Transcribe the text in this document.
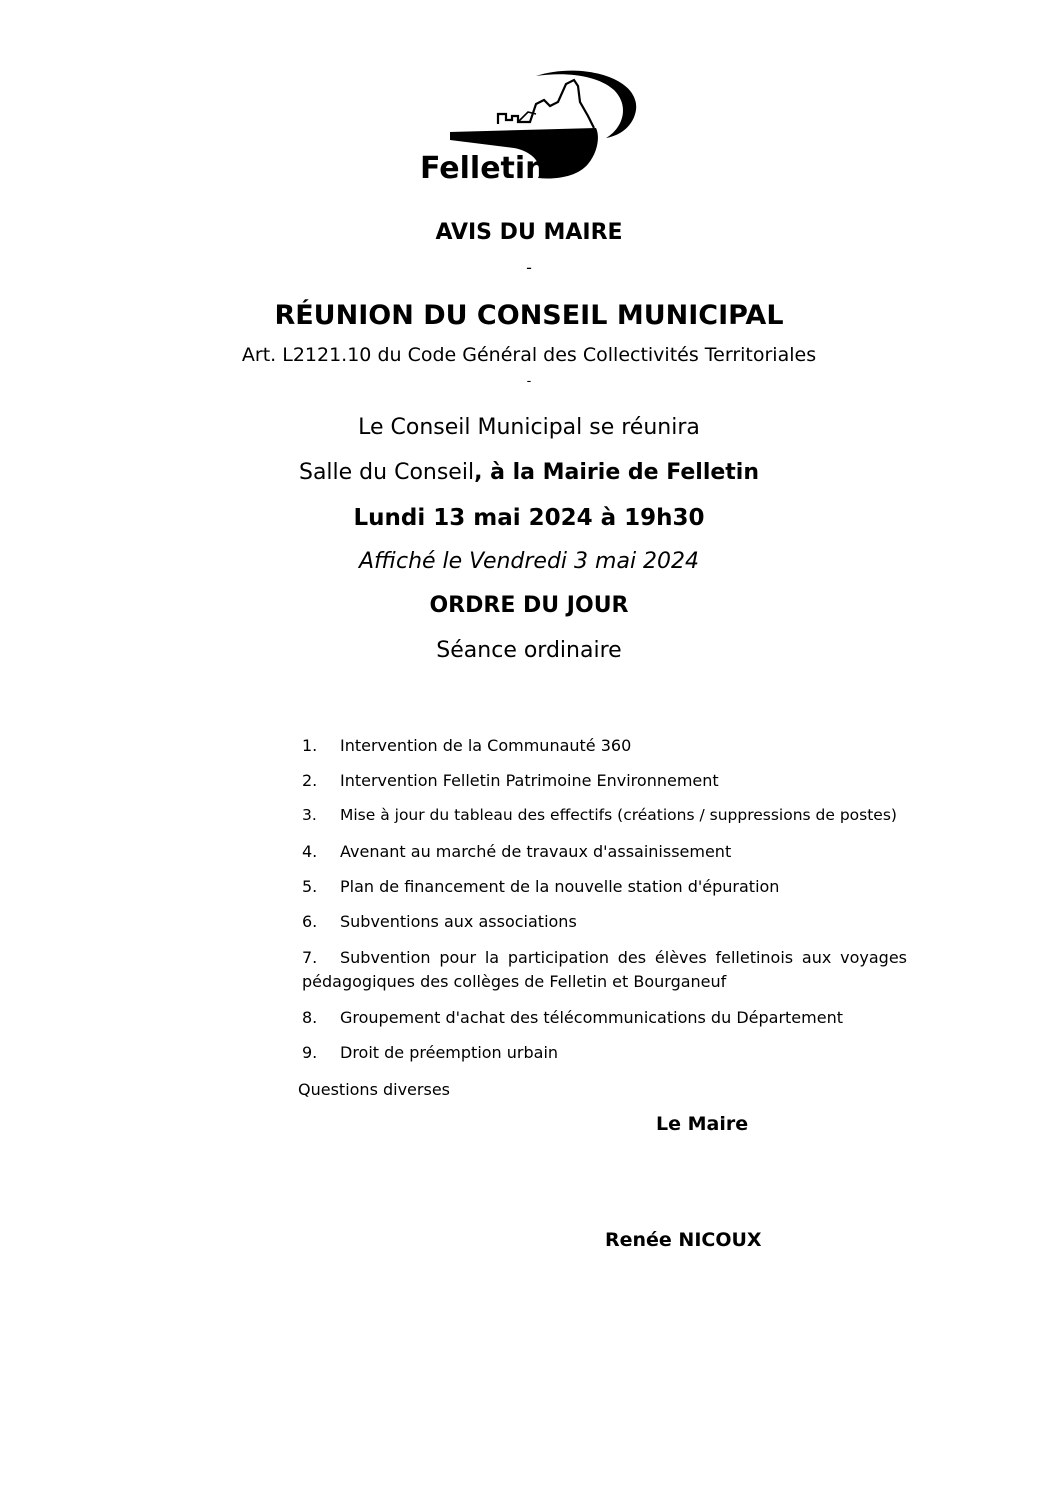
Felletin
AVIS DU MAIRE
-
RÉUNION DU CONSEIL MUNICIPAL
Art. L2121.10 du Code Général des Collectivités Territoriales
-
Le Conseil Municipal se réunira
Salle du Conseil, à la Mairie de Felletin
Lundi 13 mai 2024 à 19h30
Affiché le Vendredi 3 mai 2024
ORDRE DU JOUR
Séance ordinaire
1. Intervention de la Communauté 360
2. Intervention Felletin Patrimoine Environnement
3. Mise à jour du tableau des effectifs (créations / suppressions de postes)
4. Avenant au marché de travaux d'assainissement
5. Plan de financement de la nouvelle station d'épuration
6. Subventions aux associations
7. Subvention pour la participation des élèves felletinois aux voyages pédagogiques des collèges de Felletin et Bourganeuf
8. Groupement d'achat des télécommunications du Département
9. Droit de préemption urbain
Questions diverses
Le Maire
Renée NICOUX
